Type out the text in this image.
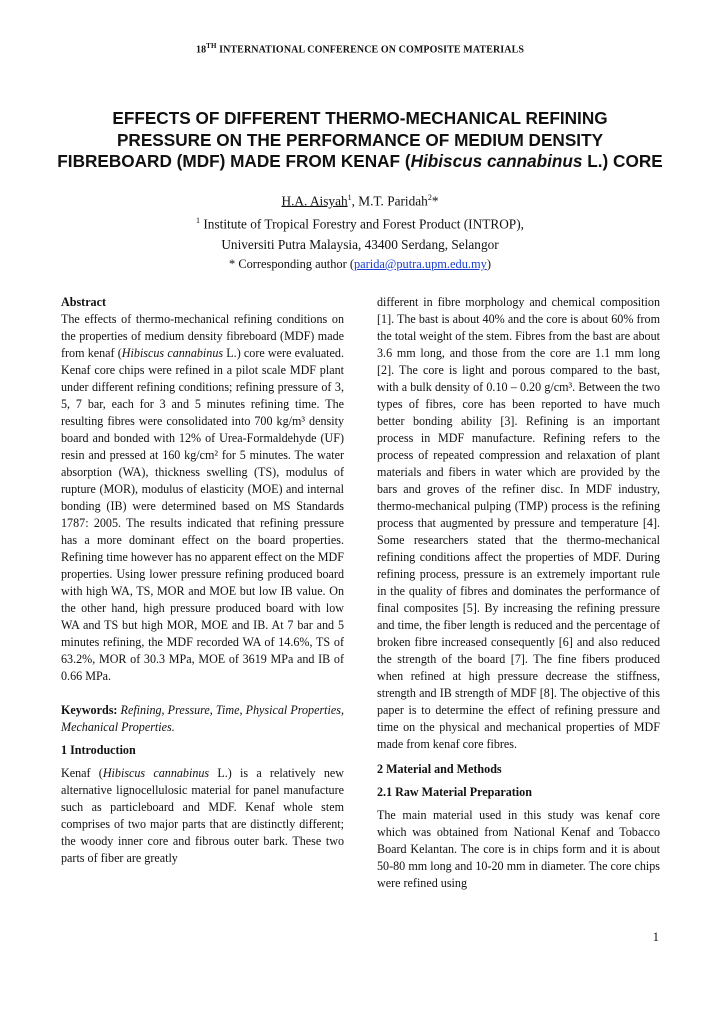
18TH INTERNATIONAL CONFERENCE ON COMPOSITE MATERIALS
EFFECTS OF DIFFERENT THERMO-MECHANICAL REFINING
PRESSURE ON THE PERFORMANCE OF MEDIUM DENSITY
FIBREBOARD (MDF) MADE FROM KENAF (Hibiscus cannabinus L.) CORE
H.A. Aisyah$^1$, M.T. Paridah$^2$*
$^1$ Institute of Tropical Forestry and Forest Product (INTROP),
Universiti Putra Malaysia, 43400 Serdang, Selangor
* Corresponding author (parida@putra.upm.edu.my)

Abstract

The effects of thermo-mechanical refining conditions on the properties of medium density fibreboard (MDF) made from kenaf (Hibiscus cannabinus L.) core were evaluated. Kenaf core chips were refined in a pilot scale MDF plant under different refining conditions; refining pressure of 3, 5, 7 bar, each for 3 and 5 minutes refining time. The resulting fibres were consolidated into 700 kg/m³ density board and bonded with 12% of Urea-Formaldehyde (UF) resin and pressed at 160 kg/cm² for 5 minutes. The water absorption (WA), thickness swelling (TS), modulus of rupture (MOR), modulus of elasticity (MOE) and internal bonding (IB) were determined based on MS Standards 1787: 2005. The results indicated that refining pressure has a more dominant effect on the board properties. Refining time however has no apparent effect on the MDF properties. Using lower pressure refining produced board with high WA, TS, MOR and MOE but low IB value. On the other hand, high pressure produced board with low WA and TS but high MOR, MOE and IB. At 7 bar and 5 minutes refining, the MDF recorded WA of 14.6%, TS of 63.2%, MOR of 30.3 MPa, MOE of 3619 MPa and IB of 0.66 MPa.

Keywords: Refining, Pressure, Time, Physical Properties, Mechanical Properties.

1 Introduction

Kenaf (Hibiscus cannabinus L.) is a relatively new alternative lignocellulosic material for panel manufacture such as particleboard and MDF. Kenaf whole stem comprises of two major parts that are distinctly different; the woody inner core and fibrous outer bark. These two parts of fiber are greatly

different in fibre morphology and chemical composition [1]. The bast is about 40% and the core is about 60% from the total weight of the stem. Fibres from the bast are about 3.6 mm long, and those from the core are 1.1 mm long [2]. The core is light and porous compared to the bast, with a bulk density of 0.10 – 0.20 g/cm³. Between the two types of fibres, core has been reported to have much better bonding ability [3]. Refining is an important process in MDF manufacture. Refining refers to the process of repeated compression and relaxation of plant materials and fibers in water which are provided by the bars and groves of the refiner disc. In MDF industry, thermo-mechanical pulping (TMP) process is the refining process that augmented by pressure and temperature [4]. Some researchers stated that the thermo-mechanical refining conditions affect the properties of MDF. During refining process, pressure is an extremely important rule in the quality of fibres and dominates the performance of final composites [5]. By increasing the refining pressure and time, the fiber length is reduced and the percentage of broken fibre increased consequently [6] and also reduced the strength of the board [7]. The fine fibers produced when refined at high pressure decrease the stiffness, strength and IB strength of MDF [8]. The objective of this paper is to determine the effect of refining pressure and time on the physical and mechanical properties of MDF made from kenaf core fibres.

2 Material and Methods

2.1 Raw Material Preparation

The main material used in this study was kenaf core which was obtained from National Kenaf and Tobacco Board Kelantan. The core is in chips form and it is about 50-80 mm long and 10-20 mm in diameter. The core chips were refined using

1
